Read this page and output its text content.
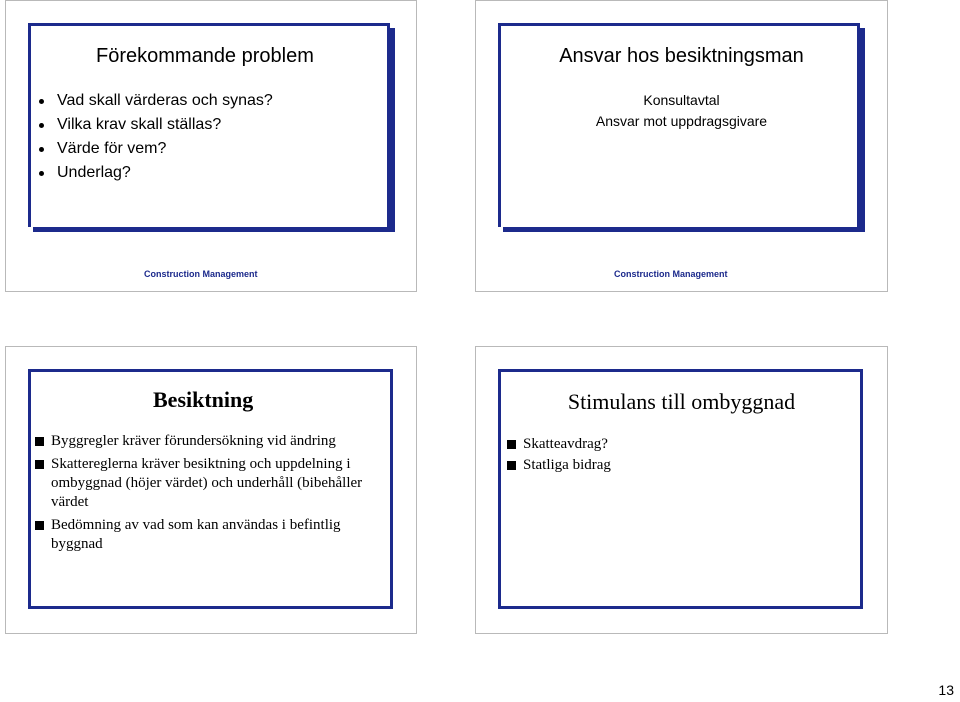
Förekommande problem
Vad skall värderas och synas?
Vilka krav skall ställas?
Värde för vem?
Underlag?
Construction Management
Ansvar hos besiktningsman
Konsultavtal
Ansvar mot uppdragsgivare
Construction Management
Besiktning
Byggregler kräver förundersökning vid ändring
Skattereglerna kräver besiktning och uppdelning i ombyggnad (höjer värdet) och underhåll (bibehåller värdet
Bedömning av vad som kan användas i befintlig byggnad
Stimulans till ombyggnad
Skatteavdrag?
Statliga bidrag
13
